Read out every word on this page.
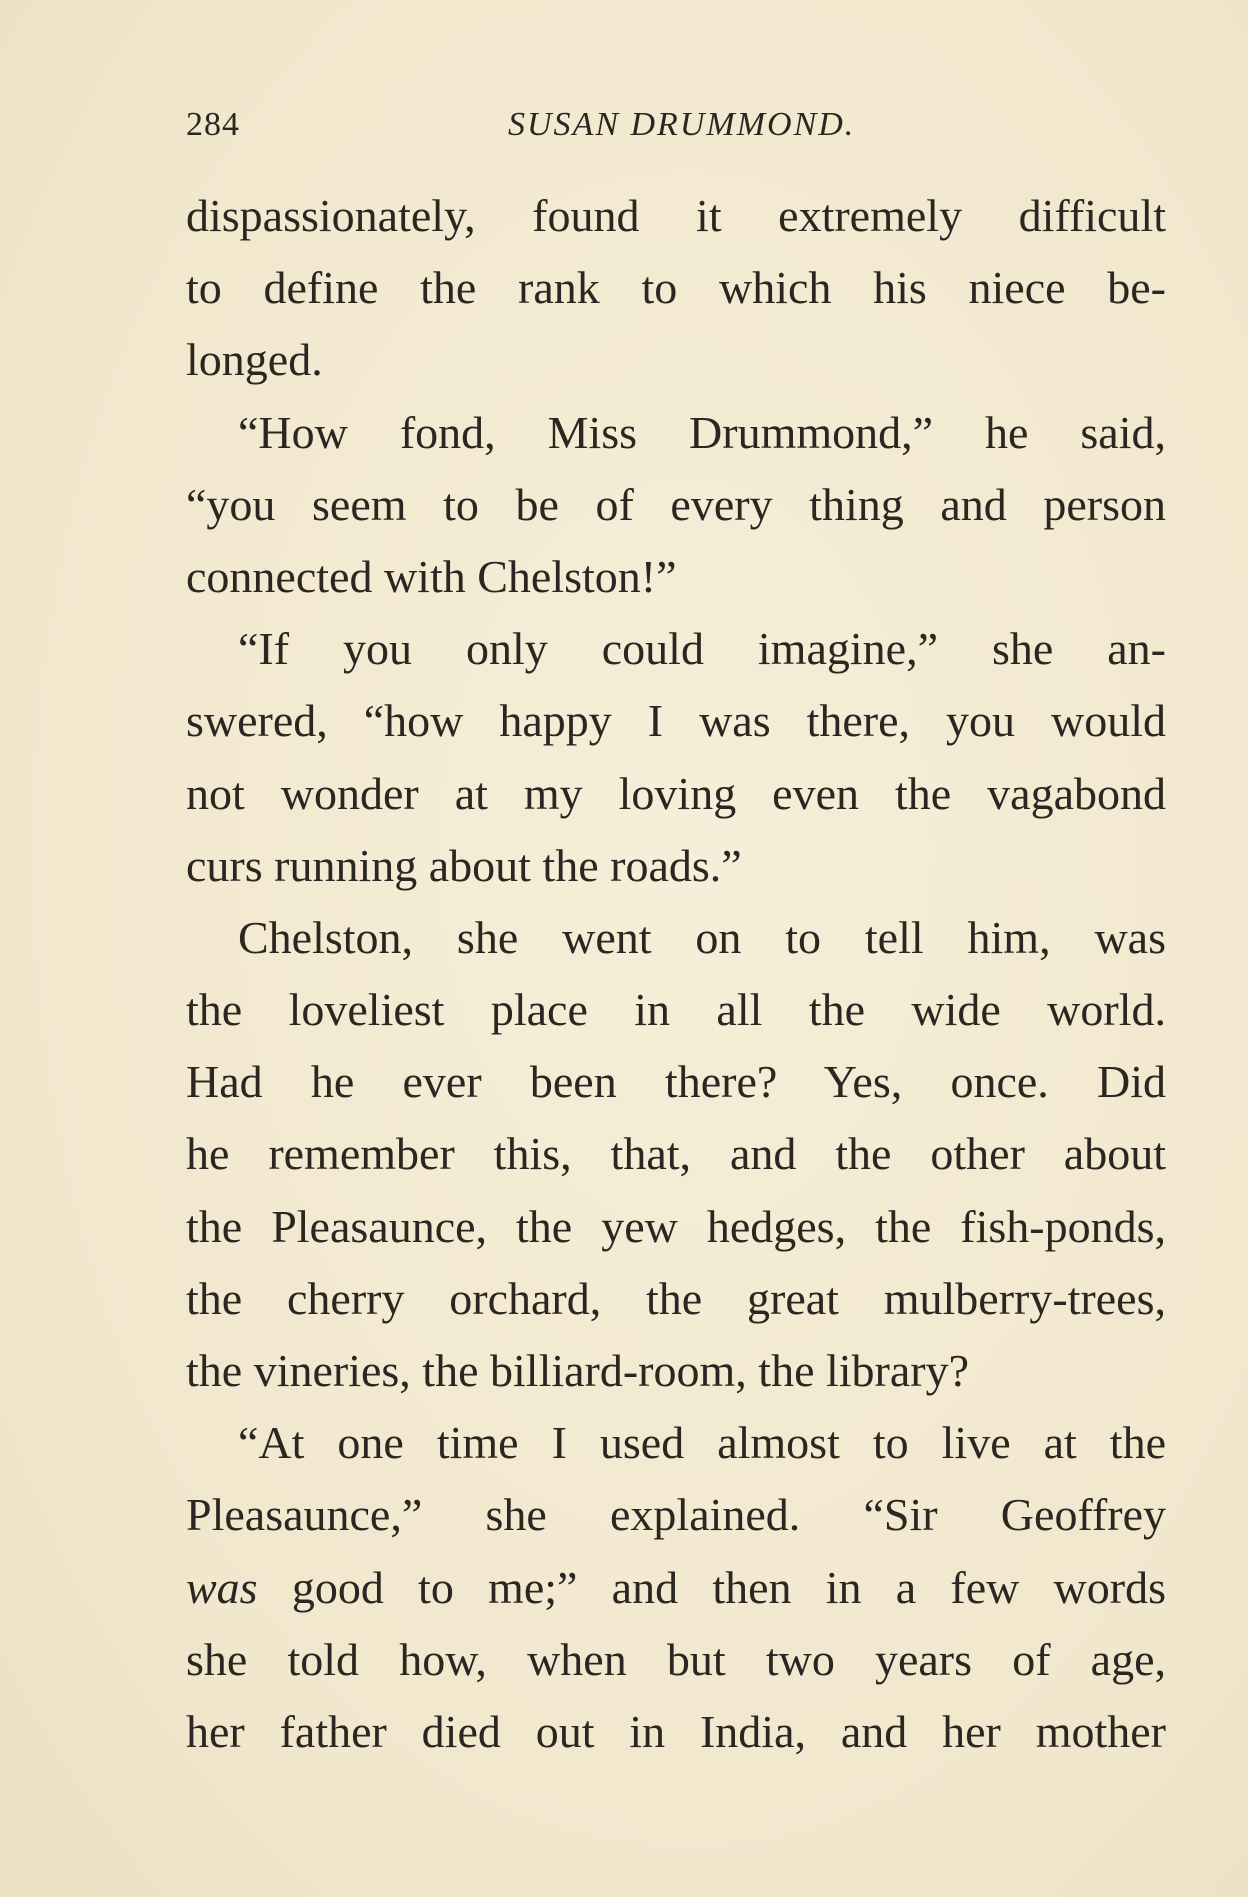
284	SUSAN DRUMMOND.
dispassionately, found it extremely difficult
to define the rank to which his niece be-
longed.
“How fond, Miss Drummond,” he said,
“you seem to be of every thing and person
connected with Chelston!”
“If you only could imagine,” she an-
swered, “how happy I was there, you would
not wonder at my loving even the vagabond
curs running about the roads.”
Chelston, she went on to tell him, was
the loveliest place in all the wide world.
Had he ever been there? Yes, once. Did
he remember this, that, and the other about
the Pleasaunce, the yew hedges, the fish-ponds,
the cherry orchard, the great mulberry-trees,
the vineries, the billiard-room, the library?
“At one time I used almost to live at the
Pleasaunce,” she explained. “Sir Geoffrey
was good to me;” and then in a few words
she told how, when but two years of age,
her father died out in India, and her mother
